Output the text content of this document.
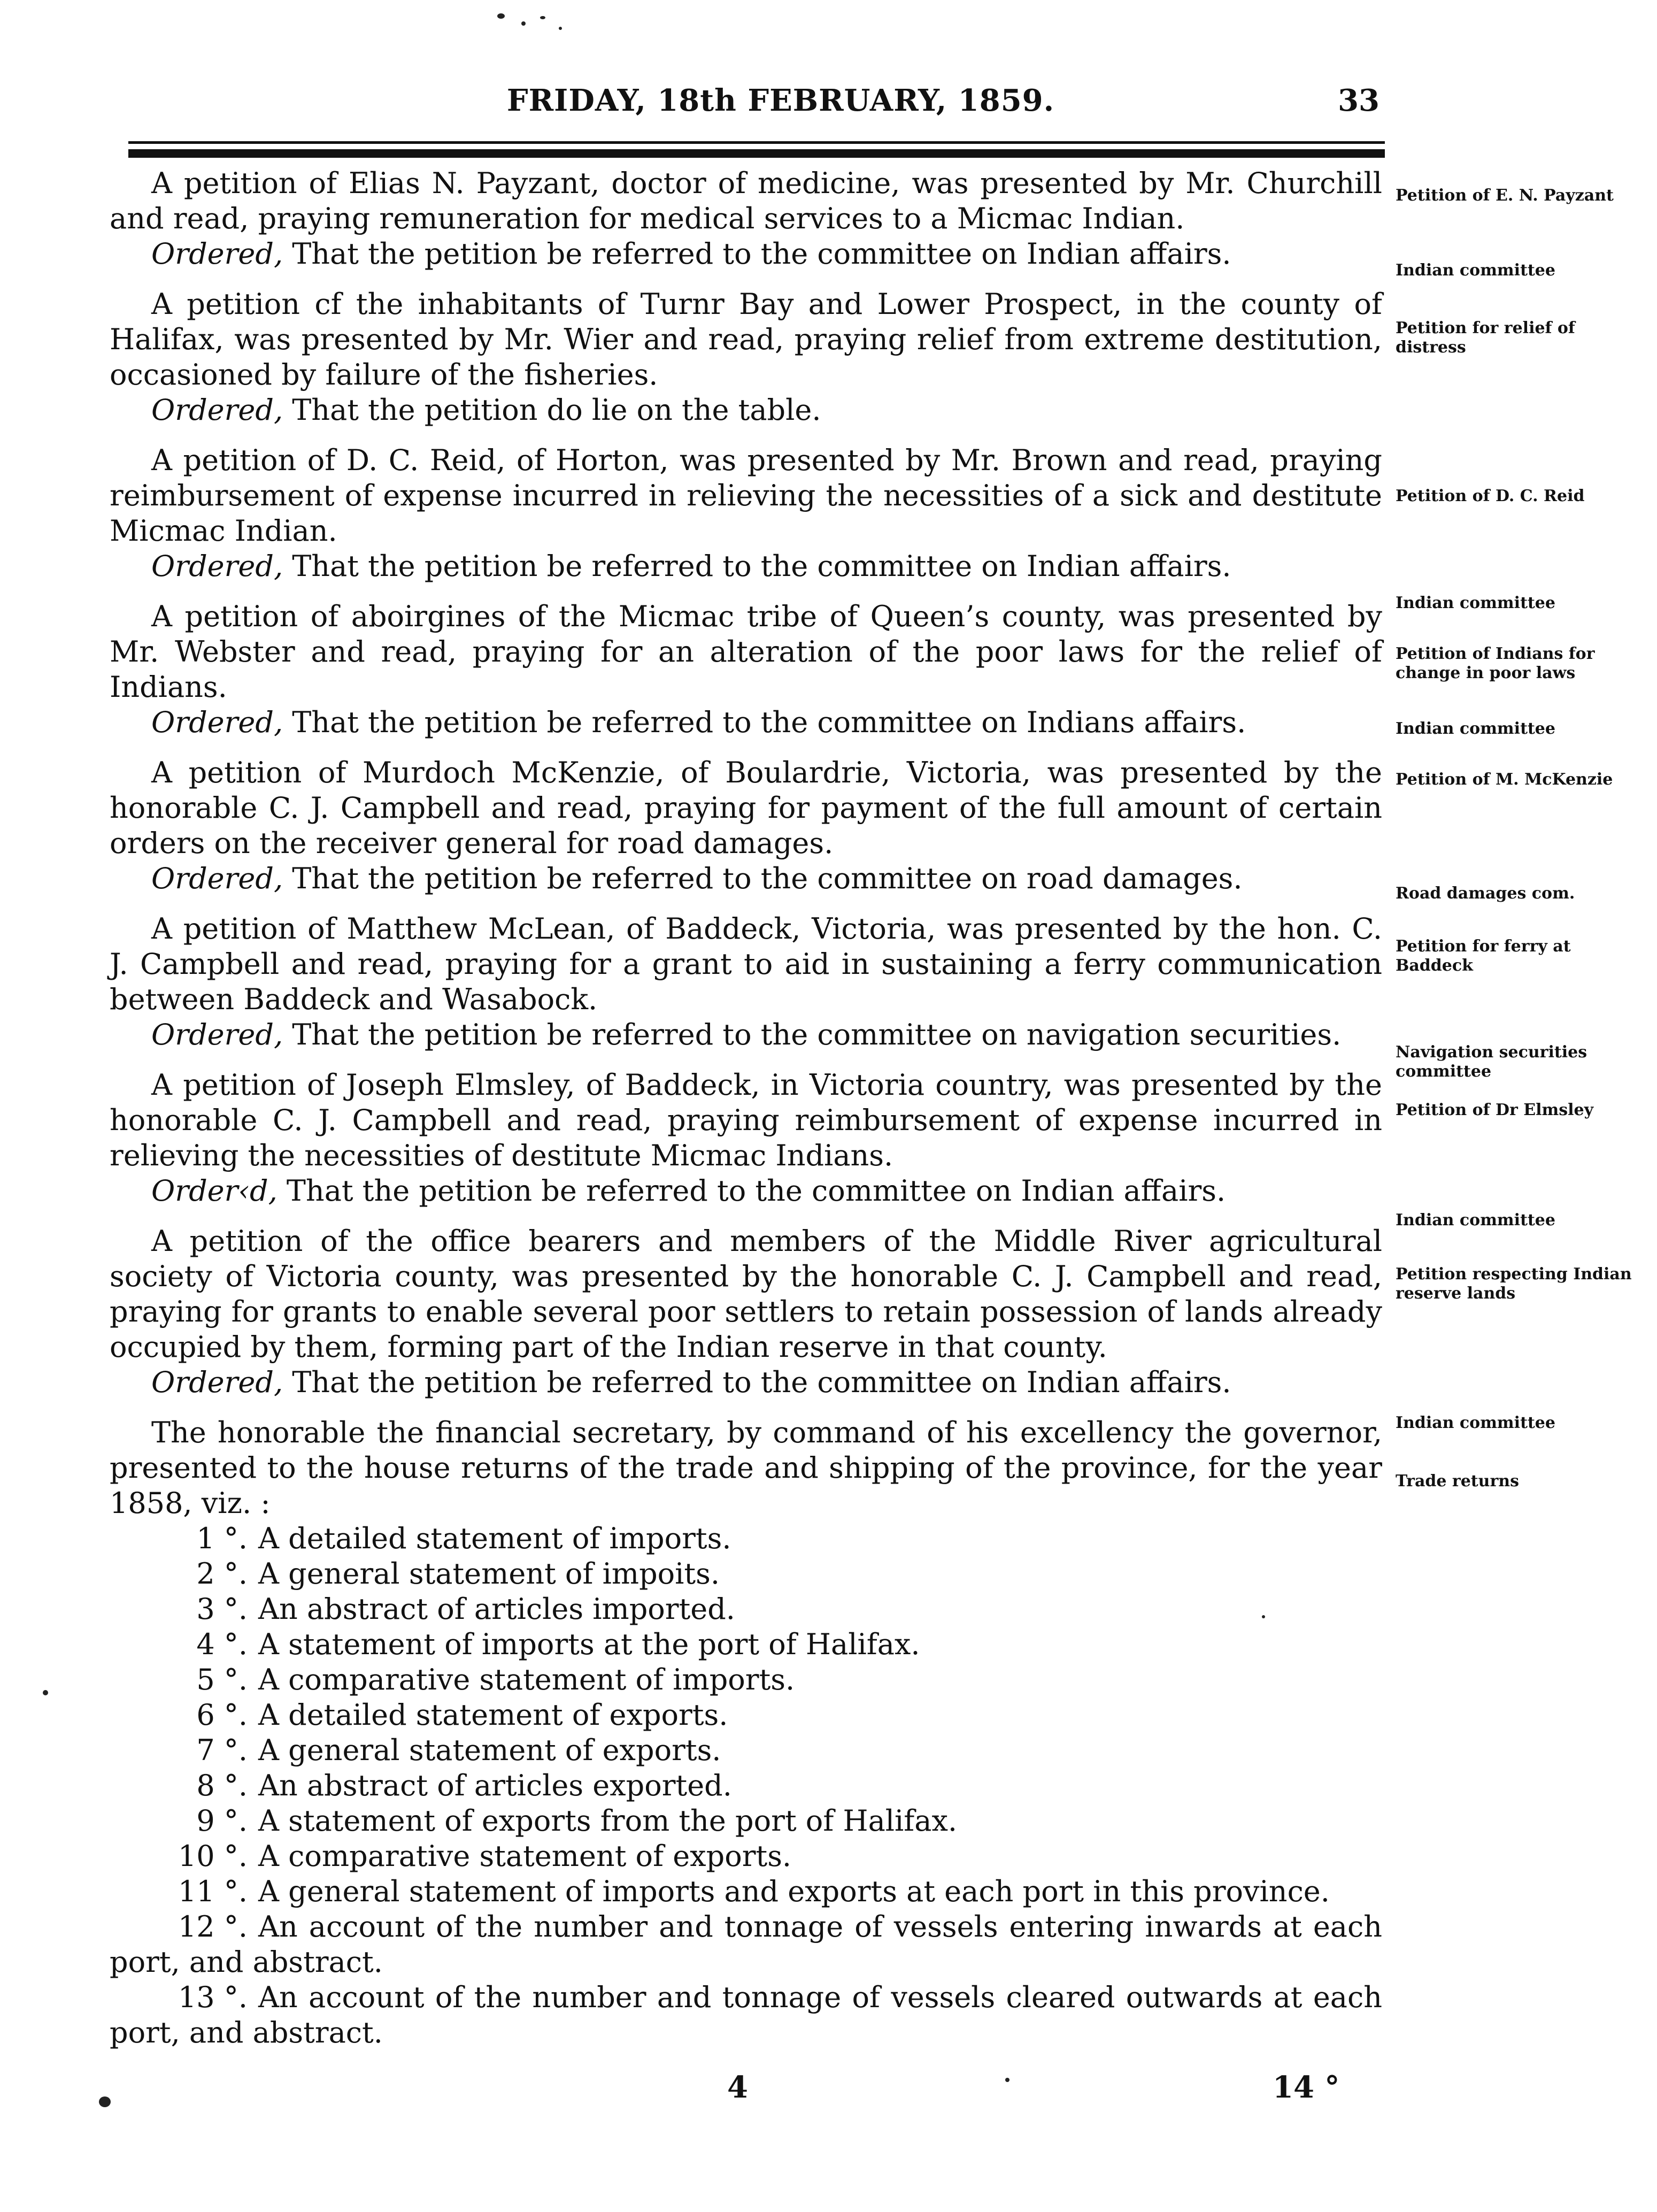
FRIDAY, 18th FEBRUARY, 1859.	33

A petition of Elias N. Payzant, doctor of medicine, was presented by Mr. Churchill and read, praying remuneration for medical services to a Micmac Indian.

Ordered, That the petition be referred to the committee on Indian affairs.

A petition cf the inhabitants of Turnr Bay and Lower Prospect, in the county of Halifax, was presented by Mr. Wier and read, praying relief from extreme destitution, occasioned by failure of the fisheries.

Ordered, That the petition do lie on the table.

A petition of D. C. Reid, of Horton, was presented by Mr. Brown and read, praying reimbursement of expense incurred in relieving the necessities of a sick and destitute Micmac Indian.

Ordered, That the petition be referred to the committee on Indian affairs.

A petition of aboirgines of the Micmac tribe of Queen’s county, was presented by Mr. Webster and read, praying for an alteration of the poor laws for the relief of Indians.

Ordered, That the petition be referred to the committee on Indians affairs.

A petition of Murdoch McKenzie, of Boulardrie, Victoria, was presented by the honorable C. J. Campbell and read, praying for payment of the full amount of certain orders on the receiver general for road damages.

Ordered, That the petition be referred to the committee on road damages.

A petition of Matthew McLean, of Baddeck, Victoria, was presented by the hon. C. J. Campbell and read, praying for a grant to aid in sustaining a ferry communication between Baddeck and Wasabock.

Ordered, That the petition be referred to the committee on navigation securities.

A petition of Joseph Elmsley, of Baddeck, in Victoria country, was presented by the honorable C. J. Campbell and read, praying reimbursement of expense incurred in relieving the necessities of destitute Micmac Indians.

Order‹d, That the petition be referred to the committee on Indian affairs.

A petition of the office bearers and members of the Middle River agricultural society of Victoria county, was presented by the honorable C. J. Campbell and read, praying for grants to enable several poor settlers to retain possession of lands already occupied by them, forming part of the Indian reserve in that county.

Ordered, That the petition be referred to the committee on Indian affairs.

The honorable the financial secretary, by command of his excellency the governor, presented to the house returns of the trade and shipping of the province, for the year 1858, viz. :

1 °. A detailed statement of imports.
2 °. A general statement of impoits.
3 °. An abstract of articles imported.
4 °. A statement of imports at the port of Halifax.
5 °. A comparative statement of imports.
6 °. A detailed statement of exports.
7 °. A general statement of exports.
8 °. An abstract of articles exported.
9 °. A statement of exports from the port of Halifax.
10 °. A comparative statement of exports.
11 °. A general statement of imports and exports at each port in this province.
12 °. An account of the number and tonnage of vessels entering inwards at each port, and abstract.
13 °. An account of the number and tonnage of vessels cleared outwards at each port, and abstract.
Petition of E. N. Payzant
Indian committee
Petition for relief of distress
Petition of D. C. Reid
Indian committee
Petition of Indians for change in poor laws
Indian committee
Petition of M. McKenzie
Road damages com.
Petition for ferry at Baddeck
Navigation securities committee
Petition of Dr Elmsley
Indian committee
Petition respecting Indian reserve lands
Indian committee
Trade returns
4	14 °
